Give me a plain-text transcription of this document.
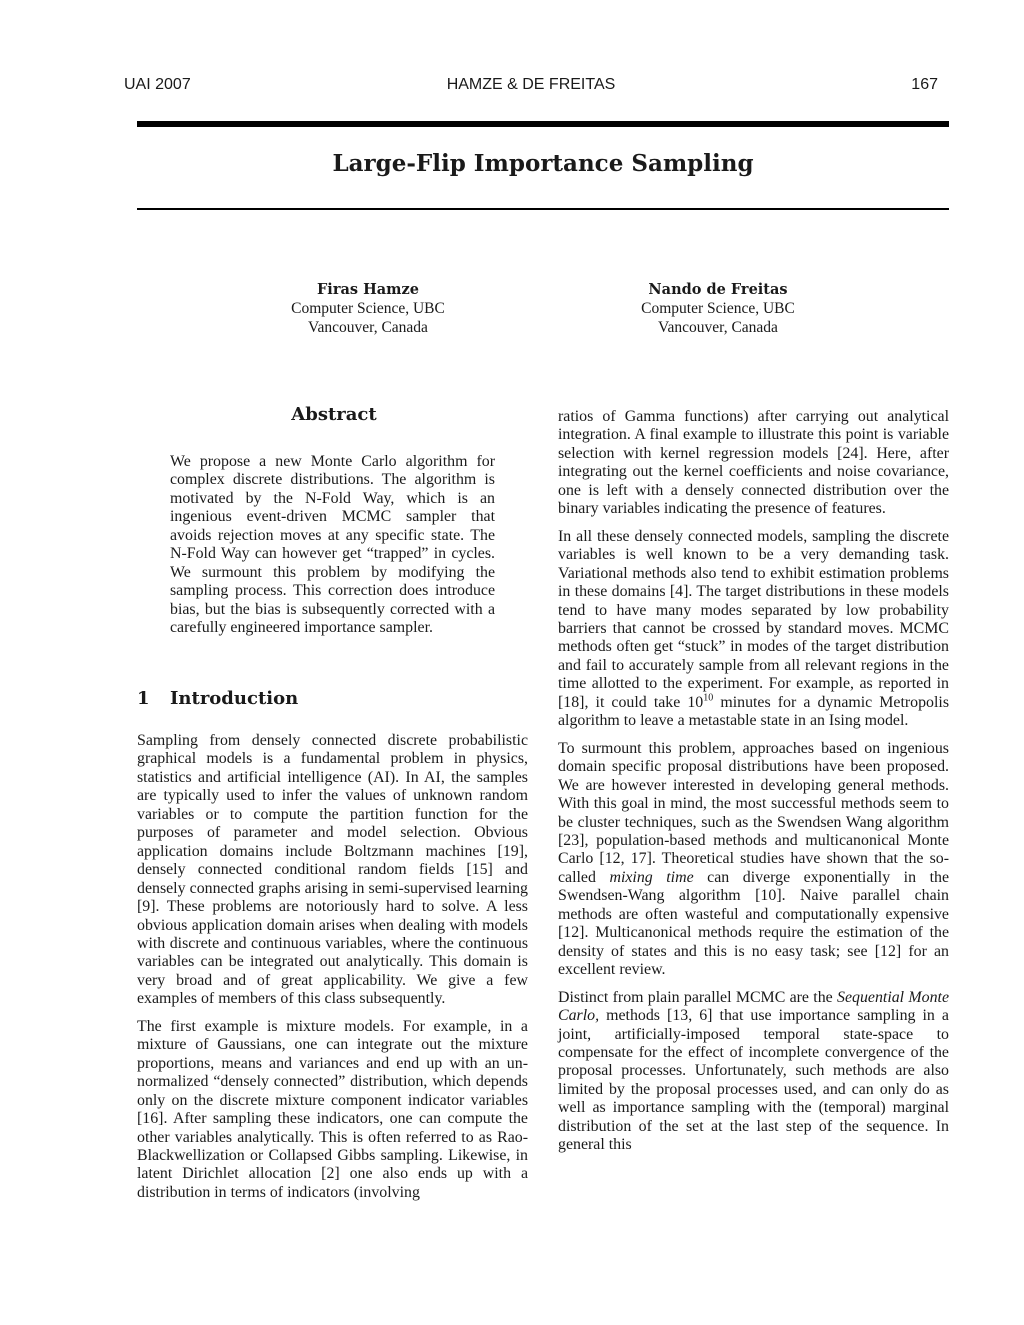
UAI 2007	HAMZE & DE FREITAS	167
Large-Flip Importance Sampling
Firas Hamze
Computer Science, UBC
Vancouver, Canada
Nando de Freitas
Computer Science, UBC
Vancouver, Canada
Abstract

We propose a new Monte Carlo algorithm for complex discrete distributions. The algorithm is motivated by the N-Fold Way, which is an ingenious event-driven MCMC sampler that avoids rejection moves at any specific state. The N-Fold Way can however get “trapped” in cycles. We surmount this problem by modifying the sampling process. This correction does introduce bias, but the bias is subsequently corrected with a carefully engineered importance sampler.

1 Introduction

Sampling from densely connected discrete probabilistic graphical models is a fundamental problem in physics, statistics and artificial intelligence (AI). In AI, the samples are typically used to infer the values of unknown random variables or to compute the partition function for the purposes of parameter and model selection. Obvious application domains include Boltzmann machines [19], densely connected conditional random fields [15] and densely connected graphs arising in semi-supervised learning [9]. These problems are notoriously hard to solve. A less obvious application domain arises when dealing with models with discrete and continuous variables, where the continuous variables can be integrated out analytically. This domain is very broad and of great applicability. We give a few examples of members of this class subsequently.

The first example is mixture models. For example, in a mixture of Gaussians, one can integrate out the mixture proportions, means and variances and end up with an un-normalized “densely connected” distribution, which depends only on the discrete mixture component indicator variables [16]. After sampling these indicators, one can compute the other variables analytically. This is often referred to as Rao-Blackwellization or Collapsed Gibbs sampling. Likewise, in latent Dirichlet allocation [2] one also ends up with a distribution in terms of indicators (involving

ratios of Gamma functions) after carrying out analytical integration. A final example to illustrate this point is variable selection with kernel regression models [24]. Here, after integrating out the kernel coefficients and noise covariance, one is left with a densely connected distribution over the binary variables indicating the presence of features.

In all these densely connected models, sampling the discrete variables is well known to be a very demanding task. Variational methods also tend to exhibit estimation problems in these domains [4]. The target distributions in these models tend to have many modes separated by low probability barriers that cannot be crossed by standard moves. MCMC methods often get “stuck” in modes of the target distribution and fail to accurately sample from all relevant regions in the time allotted to the experiment. For example, as reported in [18], it could take $10^{10}$ minutes for a dynamic Metropolis algorithm to leave a metastable state in an Ising model.

To surmount this problem, approaches based on ingenious domain specific proposal distributions have been proposed. We are however interested in developing general methods. With this goal in mind, the most successful methods seem to be cluster techniques, such as the Swendsen Wang algorithm [23], population-based methods and multicanonical Monte Carlo [12, 17]. Theoretical studies have shown that the so-called mixing time can diverge exponentially in the Swendsen-Wang algorithm [10]. Naive parallel chain methods are often wasteful and computationally expensive [12]. Multicanonical methods require the estimation of the density of states and this is no easy task; see [12] for an excellent review.

Distinct from plain parallel MCMC are the Sequential Monte Carlo, methods [13, 6] that use importance sampling in a joint, artificially-imposed temporal state-space to compensate for the effect of incomplete convergence of the proposal processes. Unfortunately, such methods are also limited by the proposal processes used, and can only do as well as importance sampling with the (temporal) marginal distribution of the set at the last step of the sequence. In general this
